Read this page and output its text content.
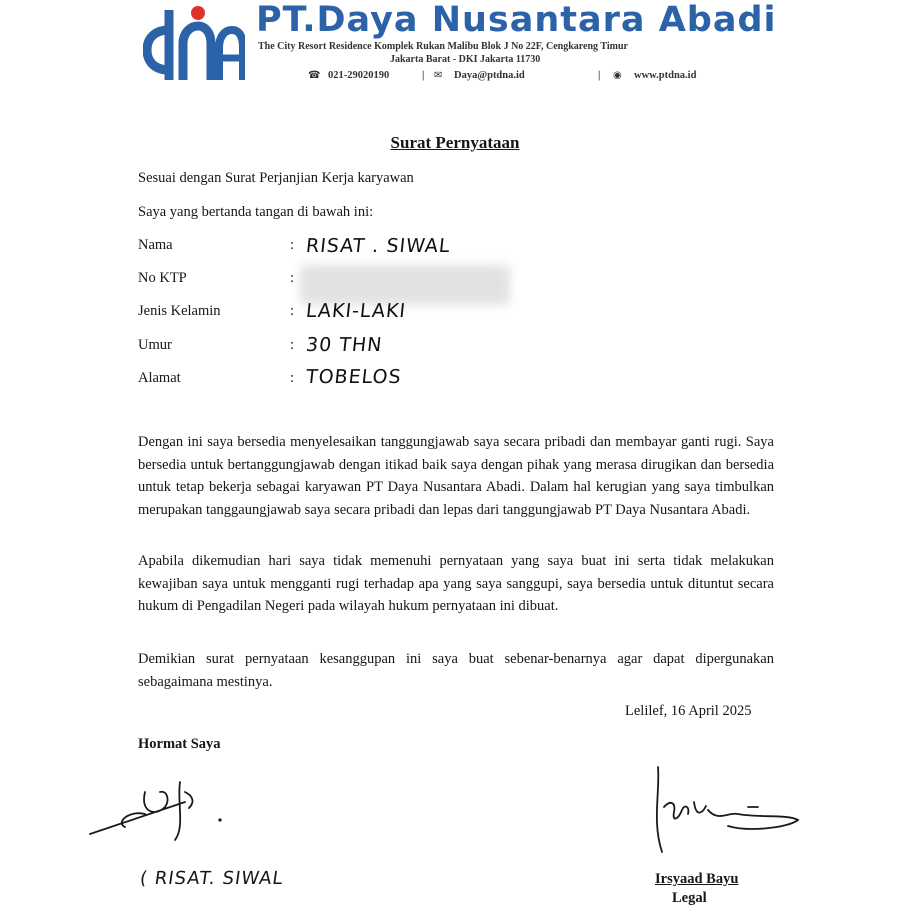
PT.Daya Nusantara Abadi
The City Resort Residence Komplek Rukan Malibu Blok J No 22F, Cengkareng Timur
Jakarta Barat - DKI Jakarta 11730
☎ 021-29020190	| ✉ Daya@ptdna.id	| ◉ www.ptdna.id
Surat Pernyataan
Sesuai dengan Surat Perjanjian Kerja karyawan
Saya yang bertanda tangan di bawah ini:
Nama	: RISAT . SIWAL
No KTP	:
Jenis Kelamin	: LAKI-LAKI
Umur	: 30 THN
Alamat	: TOBELOS
Dengan ini saya bersedia menyelesaikan tanggungjawab saya secara pribadi dan membayar ganti rugi. Saya bersedia untuk bertanggungjawab dengan itikad baik saya dengan pihak yang merasa dirugikan dan bersedia untuk tetap bekerja sebagai karyawan PT Daya Nusantara Abadi. Dalam hal kerugian yang saya timbulkan merupakan tanggaungjawab saya secara pribadi dan lepas dari tanggungjawab PT Daya Nusantara Abadi.
Apabila dikemudian hari saya tidak memenuhi pernyataan yang saya buat ini serta tidak melakukan kewajiban saya untuk mengganti rugi terhadap apa yang saya sanggupi, saya bersedia untuk dituntut secara hukum di Pengadilan Negeri pada wilayah hukum pernyataan ini dibuat.
Demikian surat pernyataan kesanggupan ini saya buat sebenar-benarnya agar dapat dipergunakan sebagaimana mestinya.
Lelilef, 16 April 2025
Hormat Saya
( RISAT. SIWAL	Irsyaad Bayu
Legal
